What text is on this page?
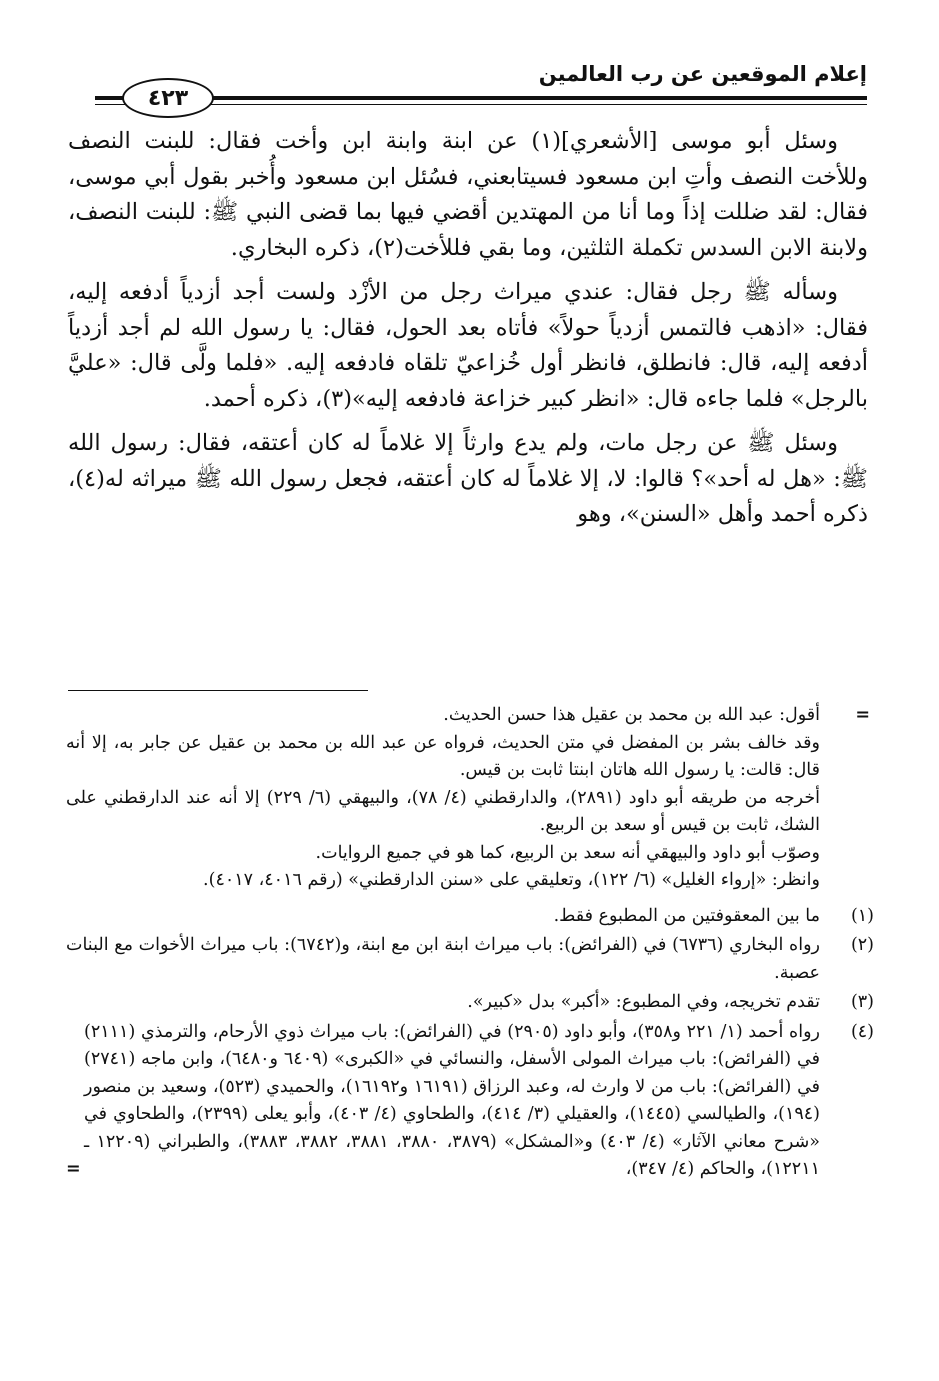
إعلام الموقعين عن رب العالمين
٤٢٣

وسئل أبو موسى [الأشعري](١) عن ابنة وابنة ابن وأخت فقال: للبنت النصف وللأخت النصف وأتِ ابن مسعود فسيتابعني، فسُئل ابن مسعود وأُخبر بقول أبي موسى، فقال: لقد ضللت إذاً وما أنا من المهتدين أقضي فيها بما قضى النبي ﷺ: للبنت النصف، ولابنة الابن السدس تكملة الثلثين، وما بقي فللأخت(٢)، ذكره البخاري.

وسأله ﷺ رجل فقال: عندي ميراث رجل من الأزْد ولست أجد أزدياً أدفعه إليه، فقال: «اذهب فالتمس أزدياً حولاً» فأتاه بعد الحول، فقال: يا رسول الله لم أجد أزدياً أدفعه إليه، قال: فانطلق، فانظر أول خُزاعيّ تلقاه فادفعه إليه. «فلما ولَّى قال: «عليَّ بالرجل» فلما جاءه قال: «انظر كبير خزاعة فادفعه إليه»(٣)، ذكره أحمد.

وسئل ﷺ عن رجل مات، ولم يدع وارثاً إلا غلاماً له كان أعتقه، فقال: رسول الله ﷺ: «هل له أحد»؟ قالوا: لا، إلا غلاماً له كان أعتقه، فجعل رسول الله ﷺ ميراثه له(٤)، ذكره أحمد وأهل «السنن»، وهو

=

أقول: عبد الله بن محمد بن عقيل هذا حسن الحديث.

وقد خالف بشر بن المفضل في متن الحديث، فرواه عن عبد الله بن محمد بن عقيل عن جابر به، إلا أنه قال: قالت: يا رسول الله هاتان ابنتا ثابت بن قيس.

أخرجه من طريقه أبو داود (٢٨٩١)، والدارقطني (٤/ ٧٨)، والبيهقي (٦/ ٢٢٩) إلا أنه عند الدارقطني على الشك، ثابت بن قيس أو سعد بن الربيع.

وصوّب أبو داود والبيهقي أنه سعد بن الربيع، كما هو في جميع الروايات.

وانظر: «إرواء الغليل» (٦/ ١٢٢)، وتعليقي على «سنن الدارقطني» (رقم ٤٠١٦، ٤٠١٧).

(١)
ما بين المعقوفتين من المطبوع فقط.
(٢)
رواه البخاري (٦٧٣٦) في (الفرائض): باب ميراث ابنة ابن مع ابنة، و(٦٧٤٢): باب ميراث الأخوات مع البنات عصبة.
(٣)
تقدم تخريجه، وفي المطبوع: «أكبر» بدل «كبير».
(٤)
رواه أحمد (١/ ٢٢١ و٣٥٨)، وأبو داود (٢٩٠٥) في (الفرائض): باب ميراث ذوي الأرحام، والترمذي (٢١١١) في (الفرائض): باب ميراث المولى الأسفل، والنسائي في «الكبرى» (٦٤٠٩ و٦٤٨٠)، وابن ماجه (٢٧٤١) في (الفرائض): باب من لا وارث له، وعبد الرزاق (١٦١٩١ و١٦١٩٢)، والحميدي (٥٢٣)، وسعيد بن منصور (١٩٤)، والطيالسي (١٤٤٥)، والعقيلي (٣/ ٤١٤)، والطحاوي (٤/ ٤٠٣)، وأبو يعلى (٢٣٩٩)، والطحاوي في «شرح معاني الآثار» (٤/ ٤٠٣) و«المشكل» (٣٨٧٩، ٣٨٨٠، ٣٨٨١، ٣٨٨٢، ٣٨٨٣)، والطبراني (١٢٢٠٩ ـ ١٢٢١١)، والحاكم (٤/ ٣٤٧)،
=
